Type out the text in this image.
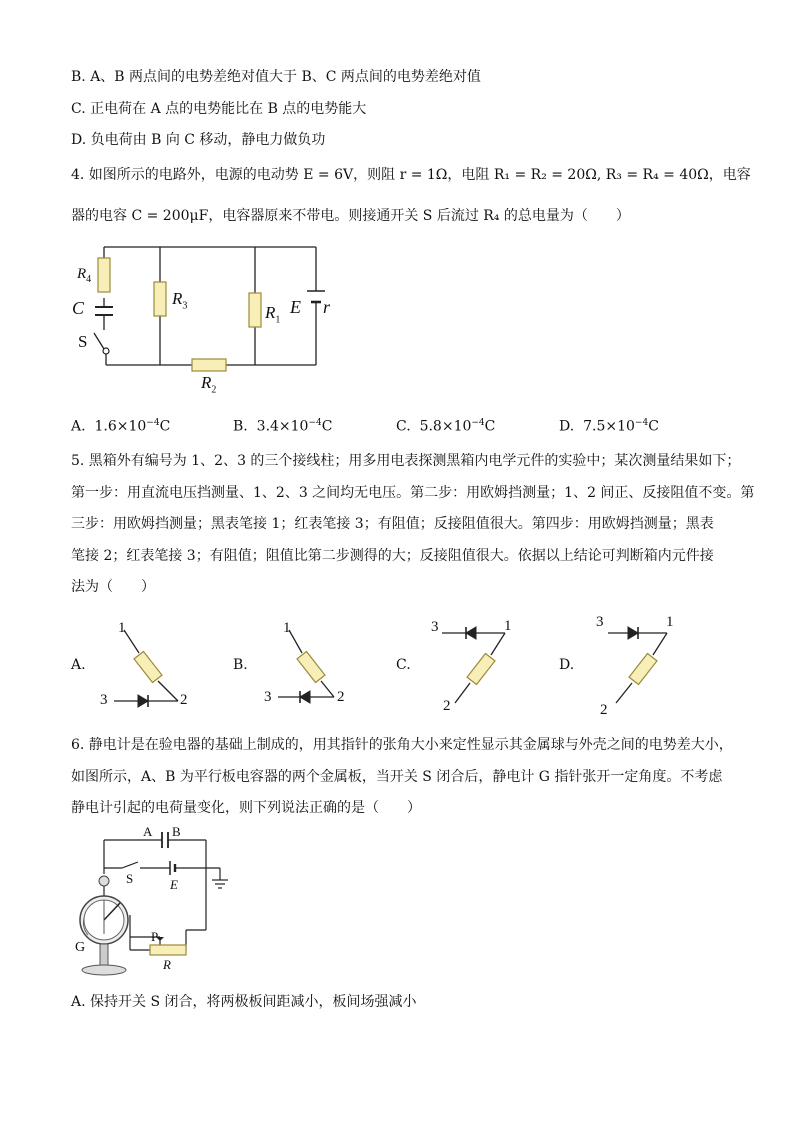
B. A、B 两点间的电势差绝对值大于 B、C 两点间的电势差绝对值
C. 正电荷在 A 点的电势能比在 B 点的电势能大
D. 负电荷由 B 向 C 移动，静电力做负功
4. 如图所示的电路外，电源的电动势 E = 6V，则阻 r = 1Ω，电阻 R₁ = R₂ = 20Ω, R₃ = R₄ = 40Ω，电容
器的电容 C = 200μF，电容器原来不带电。则接通开关 S 后流过 R₄ 的总电量为（　　）
$R_4$
C
S
$R_3$	$R_1$
E r
$R_2$
A. $1.6\times 10^{-4}C$	B. $3.4\times 10^{-4}C$	C. $5.8\times 10^{-4}C$	D. $7.5\times 10^{-4}C$
5. 黑箱外有编号为 1、2、3 的三个接线柱；用多用电表探测黑箱内电学元件的实验中；某次测量结果如下；
第一步：用直流电压挡测量、1、2、3 之间均无电压。第二步：用欧姆挡测量；1、2 间正、反接阻值不变。第
三步：用欧姆挡测量；黑表笔接 1；红表笔接 3；有阻值；反接阻值很大。第四步：用欧姆挡测量；黑表
笔接 2；红表笔接 3；有阻值；阻值比第二步测得的大；反接阻值很大。依据以上结论可判断箱内元件接
法为（　　）
A.
1
2
3
B.
1
2
3
C.
1
2
3
D.
1
2
3
6. 静电计是在验电器的基础上制成的，用其指针的张角大小来定性显示其金属球与外壳之间的电势差大小，
如图所示，A、B 为平行板电容器的两个金属板，当开关 S 闭合后，静电计 G 指针张开一定角度。不考虑
静电计引起的电荷量变化，则下列说法正确的是（　　）
A B
S	E
G
P
R
A. 保持开关 S 闭合，将两极板间距减小，板间场强减小
